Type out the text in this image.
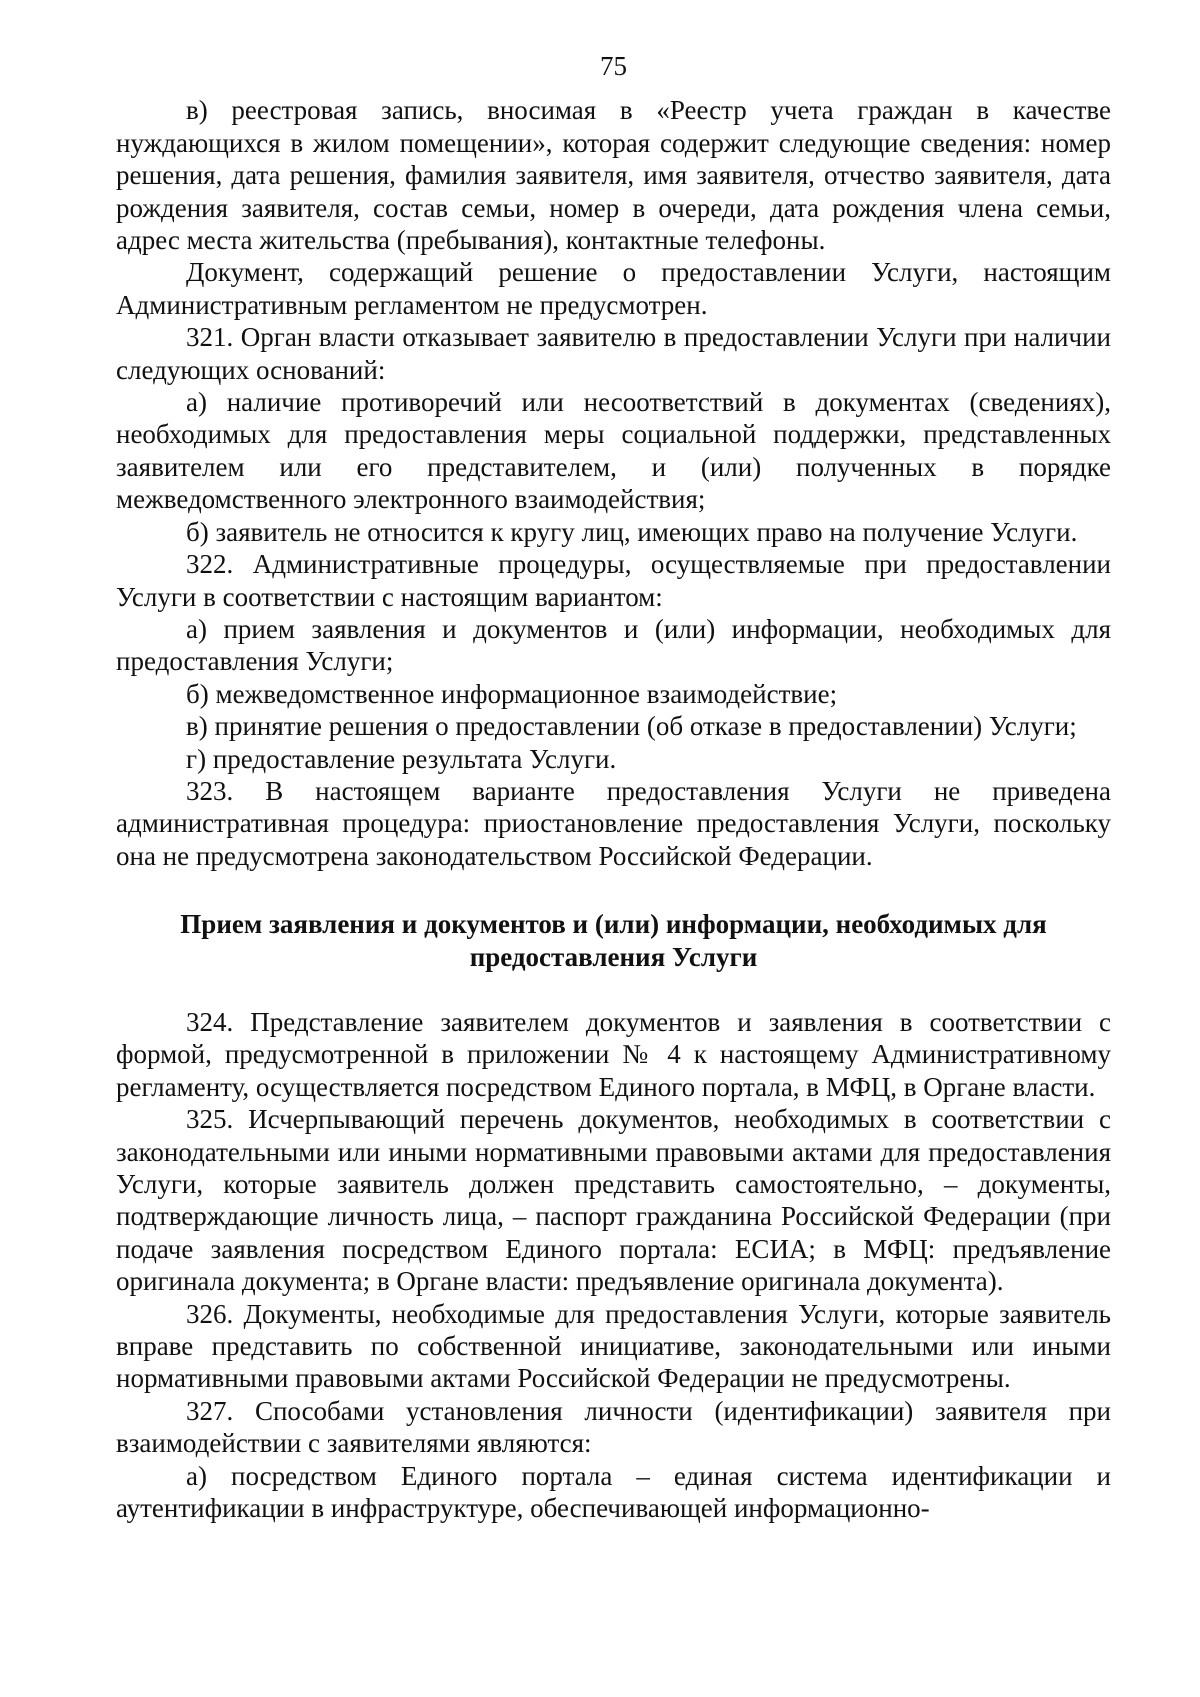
75

в) реестровая запись, вносимая в «Реестр учета граждан в качестве нуждающихся в жилом помещении», которая содержит следующие сведения: номер решения, дата решения, фамилия заявителя, имя заявителя, отчество заявителя, дата рождения заявителя, состав семьи, номер в очереди, дата рождения члена семьи, адрес места жительства (пребывания), контактные телефоны.

Документ, содержащий решение о предоставлении Услуги, настоящим Административным регламентом не предусмотрен.

321. Орган власти отказывает заявителю в предоставлении Услуги при наличии следующих оснований:

а) наличие противоречий или несоответствий в документах (сведениях), необходимых для предоставления меры социальной поддержки, представленных заявителем или его представителем, и (или) полученных в порядке межведомственного электронного взаимодействия;

б) заявитель не относится к кругу лиц, имеющих право на получение Услуги.

322. Административные процедуры, осуществляемые при предоставлении Услуги в соответствии с настоящим вариантом:

а) прием заявления и документов и (или) информации, необходимых для предоставления Услуги;

б) межведомственное информационное взаимодействие;

в) принятие решения о предоставлении (об отказе в предоставлении) Услуги;

г) предоставление результата Услуги.

323. В настоящем варианте предоставления Услуги не приведена административная процедура: приостановление предоставления Услуги, поскольку она не предусмотрена законодательством Российской Федерации.

Прием заявления и документов и (или) информации, необходимых для предоставления Услуги

324. Представление заявителем документов и заявления в соответствии с формой, предусмотренной в приложении № 4 к настоящему Административному регламенту, осуществляется посредством Единого портала, в МФЦ, в Органе власти.

325. Исчерпывающий перечень документов, необходимых в соответствии с законодательными или иными нормативными правовыми актами для предоставления Услуги, которые заявитель должен представить самостоятельно, – документы, подтверждающие личность лица, – паспорт гражданина Российской Федерации (при подаче заявления посредством Единого портала: ЕСИА; в МФЦ: предъявление оригинала документа; в Органе власти: предъявление оригинала документа).

326. Документы, необходимые для предоставления Услуги, которые заявитель вправе представить по собственной инициативе, законодательными или иными нормативными правовыми актами Российской Федерации не предусмотрены.

327. Способами установления личности (идентификации) заявителя при взаимодействии с заявителями являются:

а) посредством Единого портала – единая система идентификации и аутентификации в инфраструктуре, обеспечивающей информационно-
